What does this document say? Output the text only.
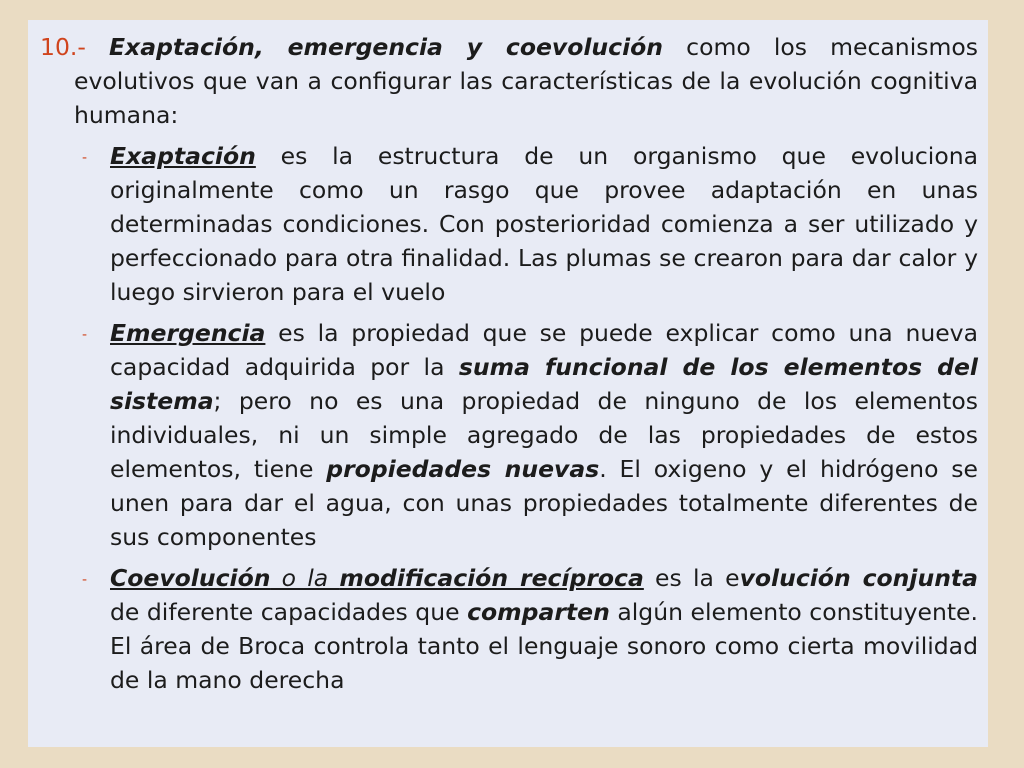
10.- Exaptación, emergencia y coevolución como los mecanismos evolutivos que van a configurar las características de la evolución cognitiva humana:

- Exaptación es la estructura de un organismo que evoluciona originalmente como un rasgo que provee adaptación en unas determinadas condiciones. Con posterioridad comienza a ser utilizado y perfeccionado para otra finalidad. Las plumas se crearon para dar calor y luego sirvieron para el vuelo
- Emergencia es la propiedad que se puede explicar como una nueva capacidad adquirida por la suma funcional de los elementos del sistema; pero no es una propiedad de ninguno de los elementos individuales, ni un simple agregado de las propiedades de estos elementos, tiene propiedades nuevas. El oxigeno y el hidrógeno se unen para dar el agua, con unas propiedades totalmente diferentes de sus componentes
- Coevolución o la modificación recíproca es la evolución conjunta de diferente capacidades que comparten algún elemento constituyente. El área de Broca controla tanto el lenguaje sonoro como cierta movilidad de la mano derecha
